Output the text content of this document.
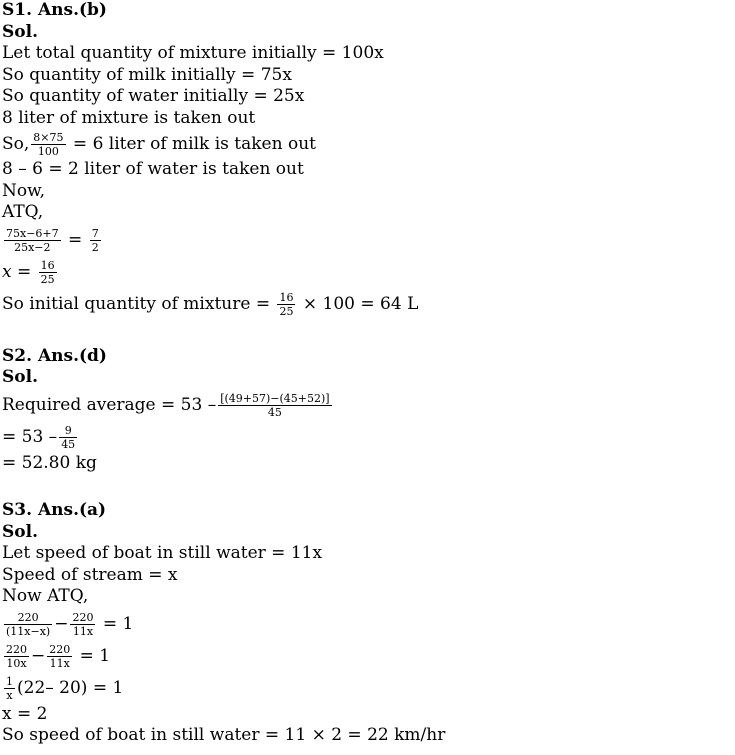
S1. Ans.(b)
Sol.
Let total quantity of mixture initially = 100x
So quantity of milk initially = 75x
So quantity of water initially = 25x
8 liter of mixture is taken out
So, $\frac{8\times 75}{100} = 6$ liter of milk is taken out
8 – 6 = 2 liter of water is taken out
Now,
ATQ,
$\frac{75x-6+7}{25x-2} = \frac{7}{2}$
$x = \frac{16}{25}$
So initial quantity of mixture = $\frac{16}{25} \times 100 = 64$ L
S2. Ans.(d)
Sol.
Required average = $53 - \frac{[(49+57)-(45+52)]}{45}$
= $53 - \frac{9}{45}$
= 52.80 kg
S3. Ans.(a)
Sol.
Let speed of boat in still water = 11x
Speed of stream = x
Now ATQ,
$\frac{220}{(11x-x)} - \frac{220}{11x} = 1$
$\frac{220}{10x} - \frac{220}{11x} = 1$
$\frac{1}{x} (22-$ 20) = 1
x = 2
So speed of boat in still water = 11 × 2 = 22 km/hr
